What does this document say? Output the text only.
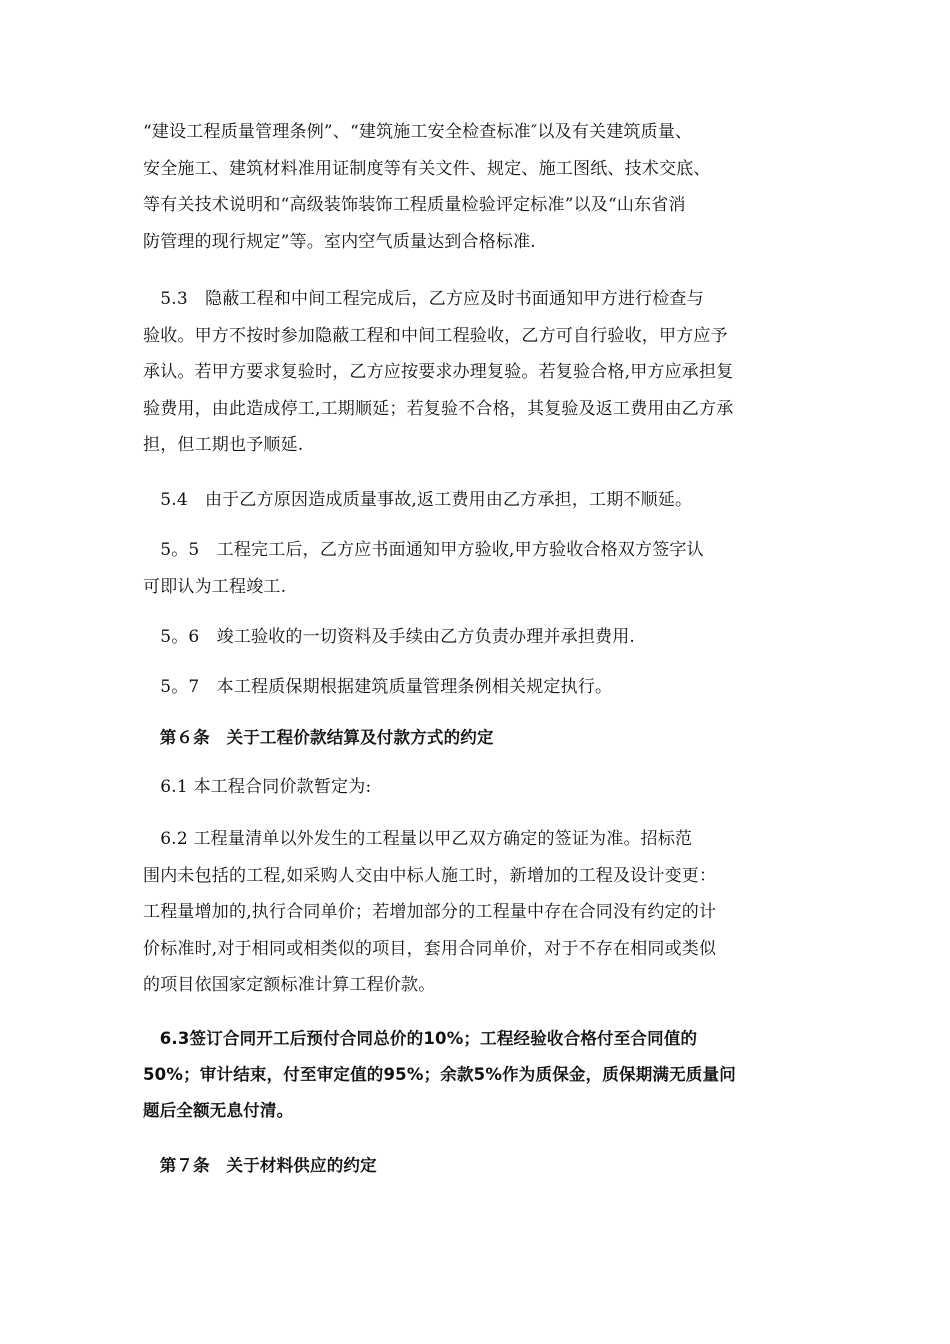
“建设工程质量管理条例”、“建筑施工安全检查标准″以及有关建筑质量、
安全施工、建筑材料准用证制度等有关文件、规定、施工图纸、技术交底、
等有关技术说明和“高级装饰装饰工程质量检验评定标准”以及“山东省消
防管理的现行规定”等。室内空气质量达到合格标准.
　5.3　隐蔽工程和中间工程完成后，乙方应及时书面通知甲方进行检查与
验收。甲方不按时参加隐蔽工程和中间工程验收，乙方可自行验收，甲方应予
承认。若甲方要求复验时，乙方应按要求办理复验。若复验合格,甲方应承担复
验费用，由此造成停工,工期顺延；若复验不合格，其复验及返工费用由乙方承
担，但工期也予顺延.
　5.4　由于乙方原因造成质量事故,返工费用由乙方承担，工期不顺延。
　5。5　工程完工后，乙方应书面通知甲方验收,甲方验收合格双方签字认
可即认为工程竣工.
　5。6　竣工验收的一切资料及手续由乙方负责办理并承担费用.
　5。7　本工程质保期根据建筑质量管理条例相关规定执行。
　第６条　关于工程价款结算及付款方式的约定
　6.1 本工程合同价款暂定为:
　6.2 工程量清单以外发生的工程量以甲乙双方确定的签证为准。招标范
围内未包括的工程,如采购人交由中标人施工时，新增加的工程及设计变更：
工程量增加的,执行合同单价；若增加部分的工程量中存在合同没有约定的计
价标准时,对于相同或相类似的项目，套用合同单价，对于不存在相同或类似
的项目依国家定额标准计算工程价款。
　6.3签订合同开工后预付合同总价的10%；工程经验收合格付至合同值的
50%；审计结束，付至审定值的95%；余款5%作为质保金，质保期满无质量问
题后全额无息付清。
　第７条　关于材料供应的约定
